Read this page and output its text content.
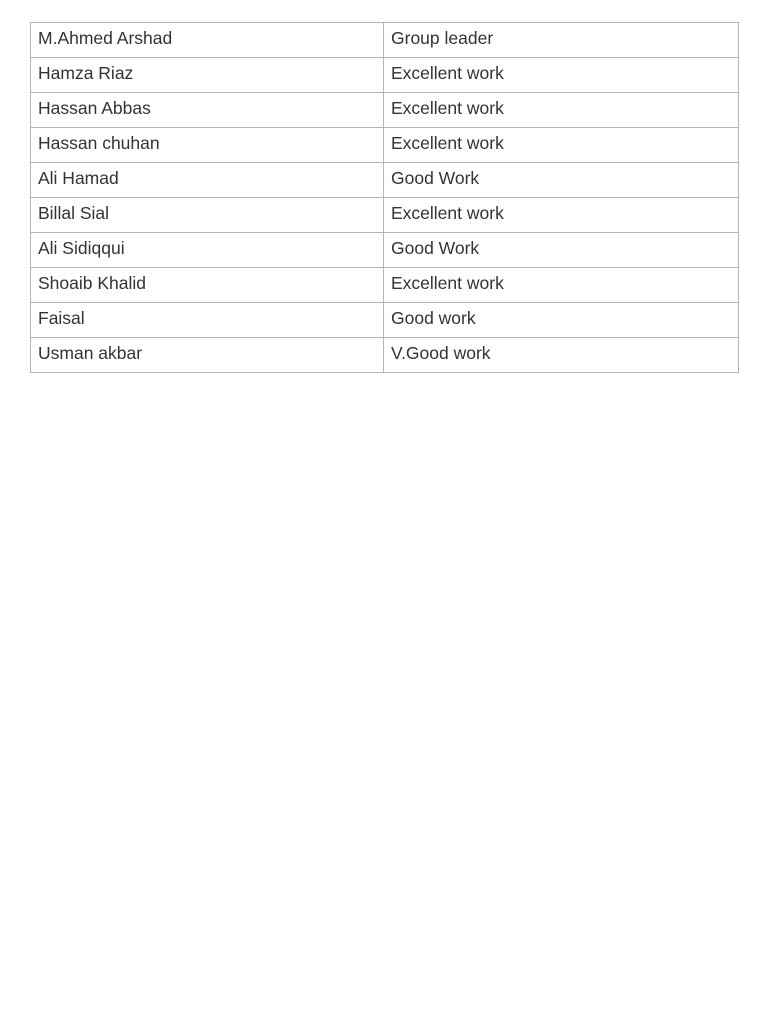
M.Ahmed Arshad	Group leader
Hamza Riaz	Excellent work
Hassan Abbas	Excellent work
Hassan chuhan	Excellent work
Ali Hamad	Good Work
Billal Sial	Excellent work
Ali Sidiqqui	Good Work
Shoaib Khalid	Excellent work
Faisal	Good work
Usman akbar	V.Good work
